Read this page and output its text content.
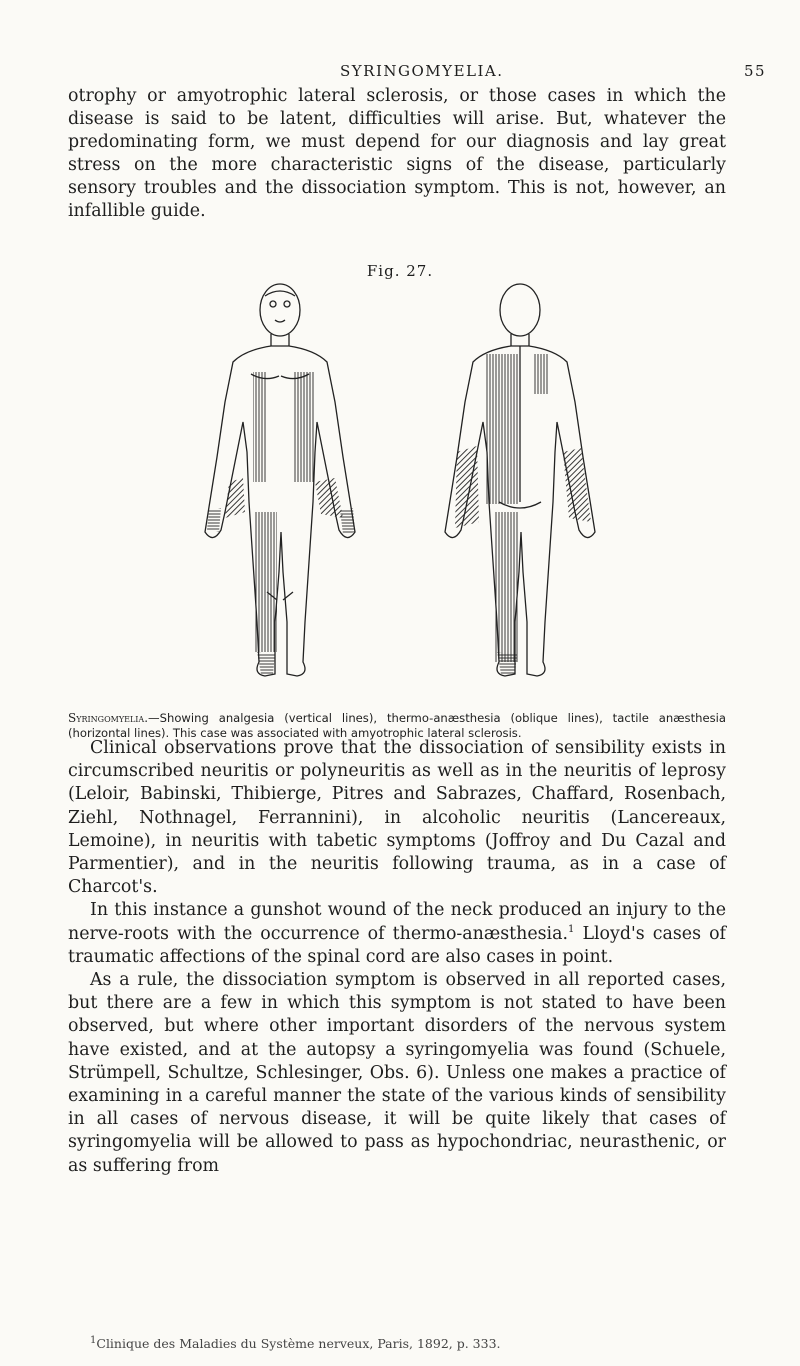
SYRINGOMYELIA.	55
otrophy or amyotrophic lateral sclerosis, or those cases in which the disease is said to be latent, difficulties will arise. But, whatever the predominating form, we must depend for our diagnosis and lay great stress on the more characteristic signs of the disease, particularly sensory troubles and the dissociation symptom. This is not, however, an infallible guide.
Fig. 27.
Syringomyelia.—Showing analgesia (vertical lines), thermo-anæsthesia (oblique lines), tactile anæsthesia (horizontal lines). This case was associated with amyotrophic lateral sclerosis.

Clinical observations prove that the dissociation of sensibility exists in circumscribed neuritis or polyneuritis as well as in the neuritis of leprosy (Leloir, Babinski, Thibierge, Pitres and Sabrazes, Chaffard, Rosenbach, Ziehl, Nothnagel, Ferrannini), in alcoholic neuritis (Lancereaux, Lemoine), in neuritis with tabetic symptoms (Joffroy and Du Cazal and Parmentier), and in the neuritis following trauma, as in a case of Charcot's.

In this instance a gunshot wound of the neck produced an injury to the nerve-roots with the occurrence of thermo-anæsthesia.$^1$ Lloyd's cases of traumatic affections of the spinal cord are also cases in point.

As a rule, the dissociation symptom is observed in all reported cases, but there are a few in which this symptom is not stated to have been observed, but where other important disorders of the nervous system have existed, and at the autopsy a syringomyelia was found (Schuele, Strümpell, Schultze, Schlesinger, Obs. 6). Unless one makes a practice of examining in a careful manner the state of the various kinds of sensibility in all cases of nervous disease, it will be quite likely that cases of syringomyelia will be allowed to pass as hypochondriac, neurasthenic, or as suffering from

$^1$Clinique des Maladies du Système nerveux, Paris, 1892, p. 333.
